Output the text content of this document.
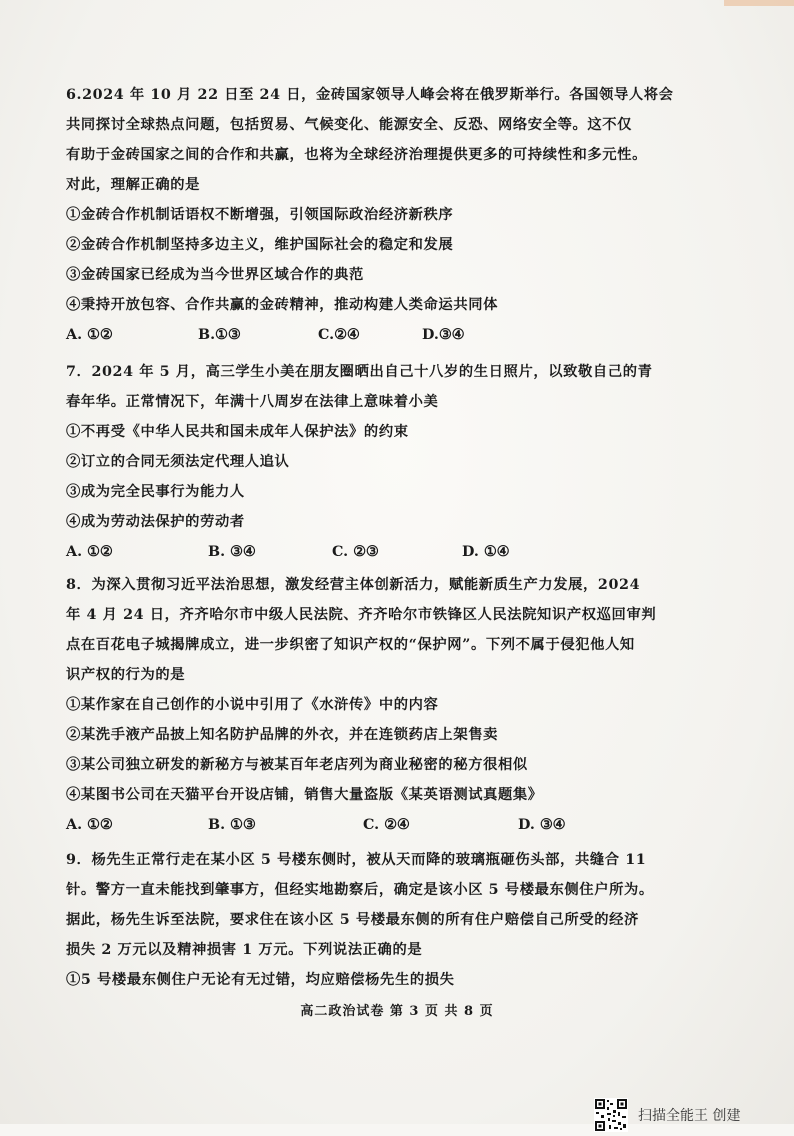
6.2024 年 10 月 22 日至 24 日，金砖国家领导人峰会将在俄罗斯举行。各国领导人将会
共同探讨全球热点问题，包括贸易、气候变化、能源安全、反恐、网络安全等。这不仅
有助于金砖国家之间的合作和共赢，也将为全球经济治理提供更多的可持续性和多元性。
对此，理解正确的是
①金砖合作机制话语权不断增强，引领国际政治经济新秩序
②金砖合作机制坚持多边主义，维护国际社会的稳定和发展
③金砖国家已经成为当今世界区域合作的典范
④秉持开放包容、合作共赢的金砖精神，推动构建人类命运共同体
A. ①②	B.①③	C.②④	D.③④
7．2024 年 5 月，高三学生小美在朋友圈晒出自己十八岁的生日照片，以致敬自己的青
春年华。正常情况下，年满十八周岁在法律上意味着小美
①不再受《中华人民共和国未成年人保护法》的约束
②订立的合同无须法定代理人追认
③成为完全民事行为能力人
④成为劳动法保护的劳动者
A. ①②	B. ③④	C. ②③	D. ①④
8．为深入贯彻习近平法治思想，激发经营主体创新活力，赋能新质生产力发展，2024
年 4 月 24 日，齐齐哈尔市中级人民法院、齐齐哈尔市铁锋区人民法院知识产权巡回审判
点在百花电子城揭牌成立，进一步织密了知识产权的“保护网”。下列不属于侵犯他人知
识产权的行为的是
①某作家在自己创作的小说中引用了《水浒传》中的内容
②某洗手液产品披上知名防护品牌的外衣，并在连锁药店上架售卖
③某公司独立研发的新秘方与被某百年老店列为商业秘密的秘方很相似
④某图书公司在天猫平台开设店铺，销售大量盗版《某英语测试真题集》
A. ①②	B. ①③	C. ②④	D. ③④
9．杨先生正常行走在某小区 5 号楼东侧时，被从天而降的玻璃瓶砸伤头部，共缝合 11
针。警方一直未能找到肇事方，但经实地勘察后，确定是该小区 5 号楼最东侧住户所为。
据此，杨先生诉至法院，要求住在该小区 5 号楼最东侧的所有住户赔偿自己所受的经济
损失 2 万元以及精神损害 1 万元。下列说法正确的是
①5 号楼最东侧住户无论有无过错，均应赔偿杨先生的损失
高二政治试卷 第 3 页 共 8 页
扫描全能王 创建
